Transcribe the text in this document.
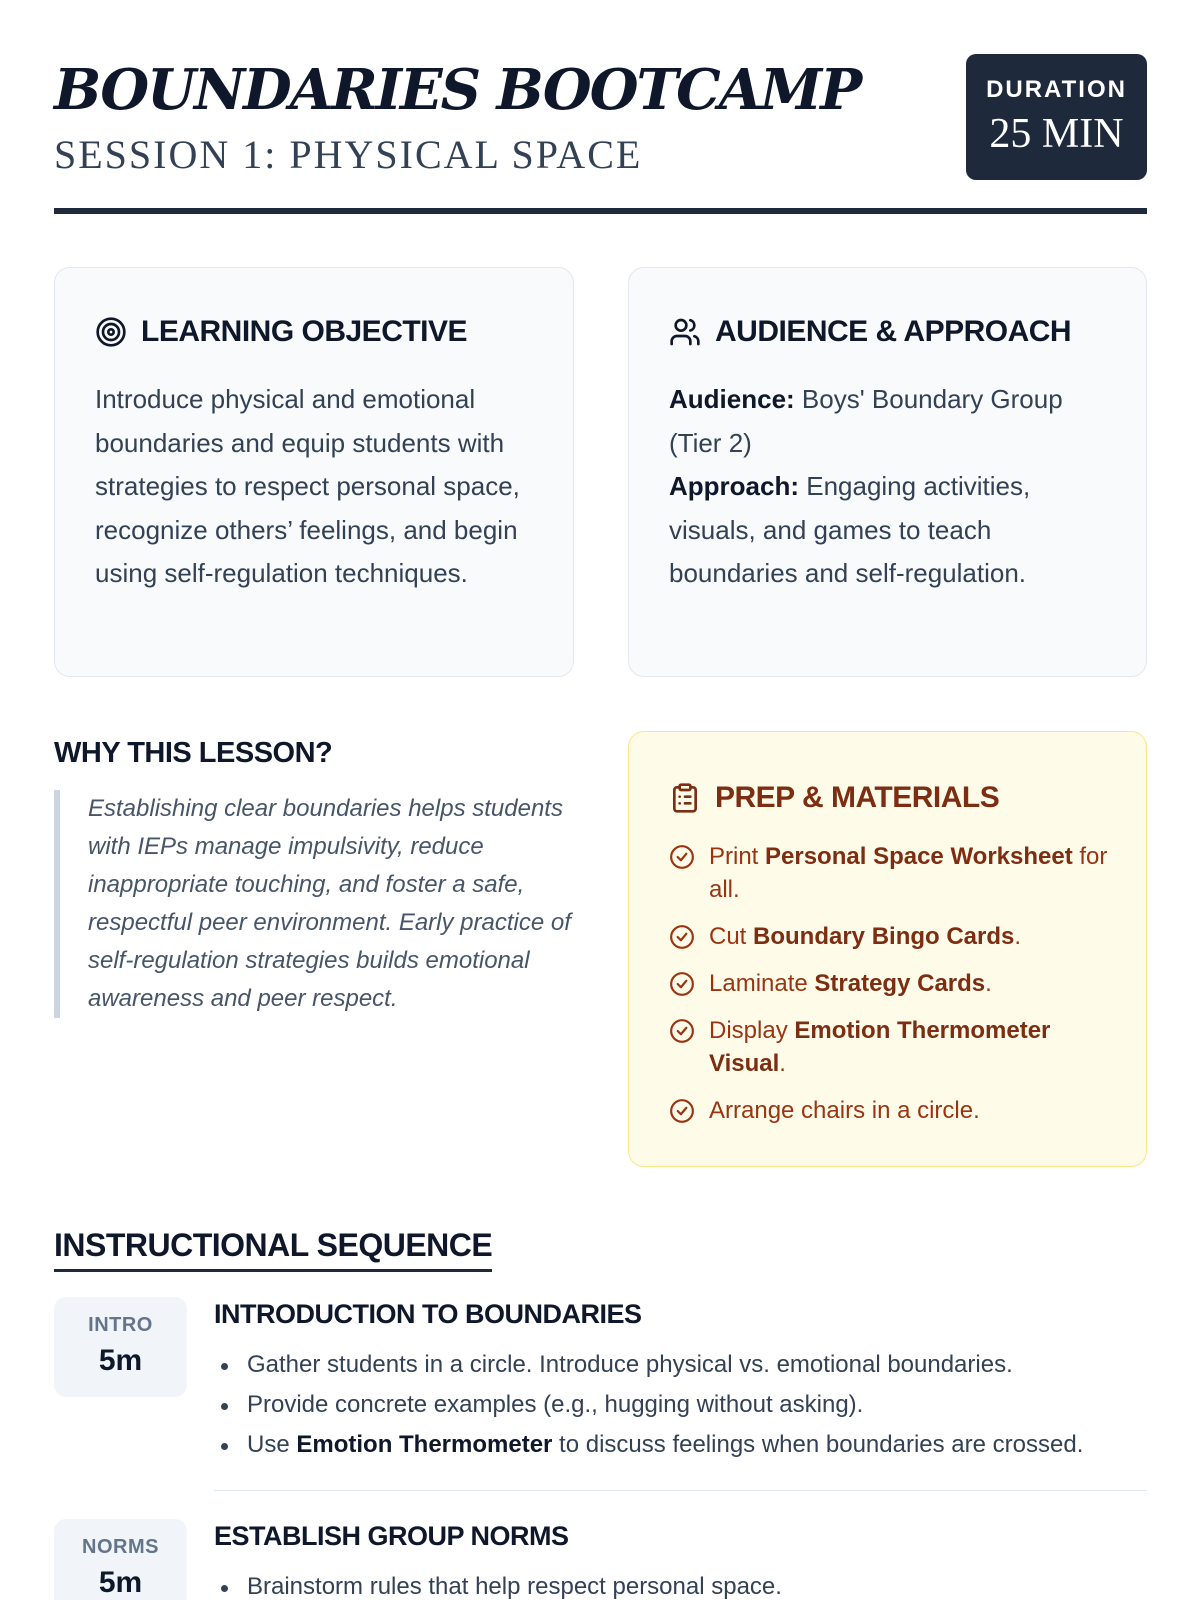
BOUNDARIES BOOTCAMP
SESSION 1: PHYSICAL SPACE
DURATION
25 MIN
LEARNING OBJECTIVE
Introduce physical and emotional boundaries and equip students with strategies to respect personal space, recognize others’ feelings, and begin using self-regulation techniques.
AUDIENCE & APPROACH
Audience: Boys' Boundary Group (Tier 2)
Approach: Engaging activities, visuals, and games to teach boundaries and self-regulation.
WHY THIS LESSON?
Establishing clear boundaries helps students with IEPs manage impulsivity, reduce inappropriate touching, and foster a safe, respectful peer environment. Early practice of self-regulation strategies builds emotional awareness and peer respect.
PREP & MATERIALS
Print Personal Space Worksheet for all.
Cut Boundary Bingo Cards.
Laminate Strategy Cards.
Display Emotion Thermometer Visual.
Arrange chairs in a circle.
INSTRUCTIONAL SEQUENCE
INTRO
5m
INTRODUCTION TO BOUNDARIES
Gather students in a circle. Introduce physical vs. emotional boundaries.
Provide concrete examples (e.g., hugging without asking).
Use Emotion Thermometer to discuss feelings when boundaries are crossed.
NORMS
5m
ESTABLISH GROUP NORMS
Brainstorm rules that help respect personal space.
